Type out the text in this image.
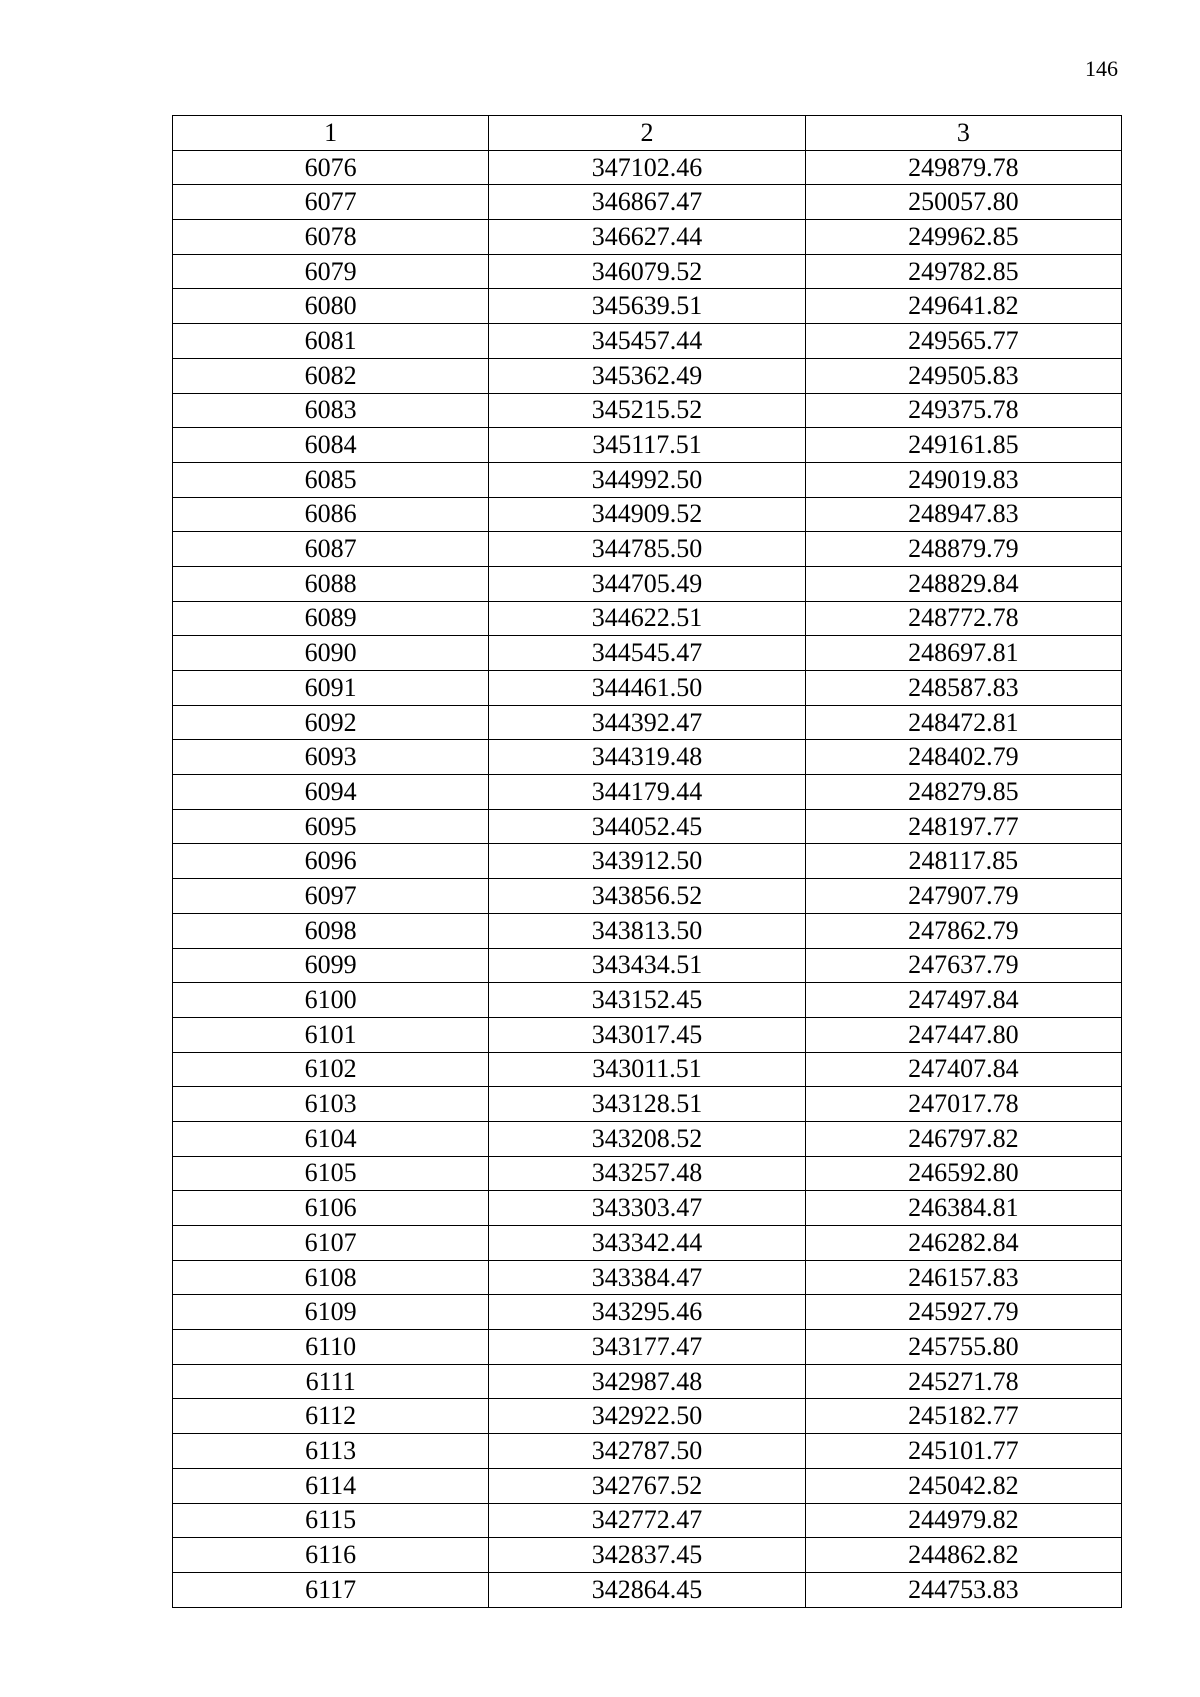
146
1	2	3
6076	347102.46	249879.78
6077	346867.47	250057.80
6078	346627.44	249962.85
6079	346079.52	249782.85
6080	345639.51	249641.82
6081	345457.44	249565.77
6082	345362.49	249505.83
6083	345215.52	249375.78
6084	345117.51	249161.85
6085	344992.50	249019.83
6086	344909.52	248947.83
6087	344785.50	248879.79
6088	344705.49	248829.84
6089	344622.51	248772.78
6090	344545.47	248697.81
6091	344461.50	248587.83
6092	344392.47	248472.81
6093	344319.48	248402.79
6094	344179.44	248279.85
6095	344052.45	248197.77
6096	343912.50	248117.85
6097	343856.52	247907.79
6098	343813.50	247862.79
6099	343434.51	247637.79
6100	343152.45	247497.84
6101	343017.45	247447.80
6102	343011.51	247407.84
6103	343128.51	247017.78
6104	343208.52	246797.82
6105	343257.48	246592.80
6106	343303.47	246384.81
6107	343342.44	246282.84
6108	343384.47	246157.83
6109	343295.46	245927.79
6110	343177.47	245755.80
6111	342987.48	245271.78
6112	342922.50	245182.77
6113	342787.50	245101.77
6114	342767.52	245042.82
6115	342772.47	244979.82
6116	342837.45	244862.82
6117	342864.45	244753.83
